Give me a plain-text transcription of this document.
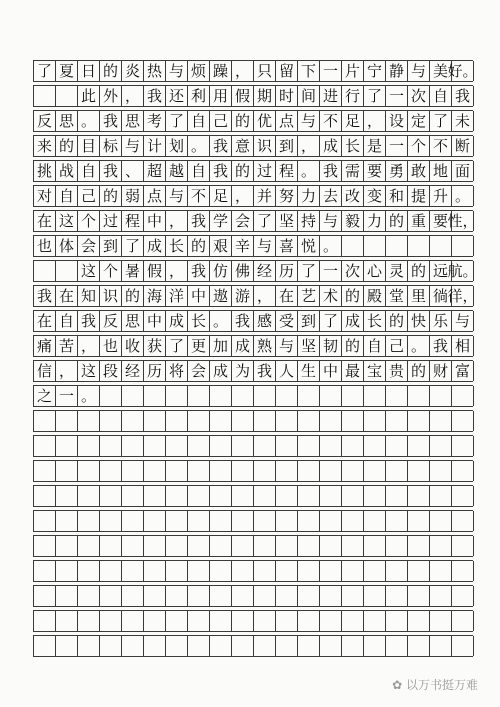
了 夏 日 的 炎 热 与 烦 躁 ， 只 留 下 一 片 宁 静 与 美 好。
此 外 ， 我 还 利 用 假 期 时 间 进 行 了 一 次 自 我
反 思 。 我 思 考 了 自 己 的 优 点 与 不 足 ， 设 定 了 未
来 的 目 标 与 计 划 。 我 意 识 到 ， 成 长 是 一 个 不 断
挑 战 自 我 、 超 越 自 我 的 过 程 。 我 需 要 勇 敢 地 面
对 自 己 的 弱 点 与 不 足 ， 并 努 力 去 改 变 和 提 升 。
在 这 个 过 程 中 ， 我 学 会 了 坚 持 与 毅 力 的 重 要 性，
也 体 会 到 了 成 长 的 艰 辛 与 喜 悦 。
这 个 暑 假 ， 我 仿 佛 经 历 了 一 次 心 灵 的 远 航。
我 在 知 识 的 海 洋 中 遨 游 ， 在 艺 术 的 殿 堂 里 徜 徉，
在 自 我 反 思 中 成 长 。 我 感 受 到 了 成 长 的 快 乐 与
痛 苦 ， 也 收 获 了 更 加 成 熟 与 坚 韧 的 自 己 。 我 相
信 ， 这 段 经 历 将 会 成 为 我 人 生 中 最 宝 贵 的 财 富
之 一 。
✿ 以万书挺万难
